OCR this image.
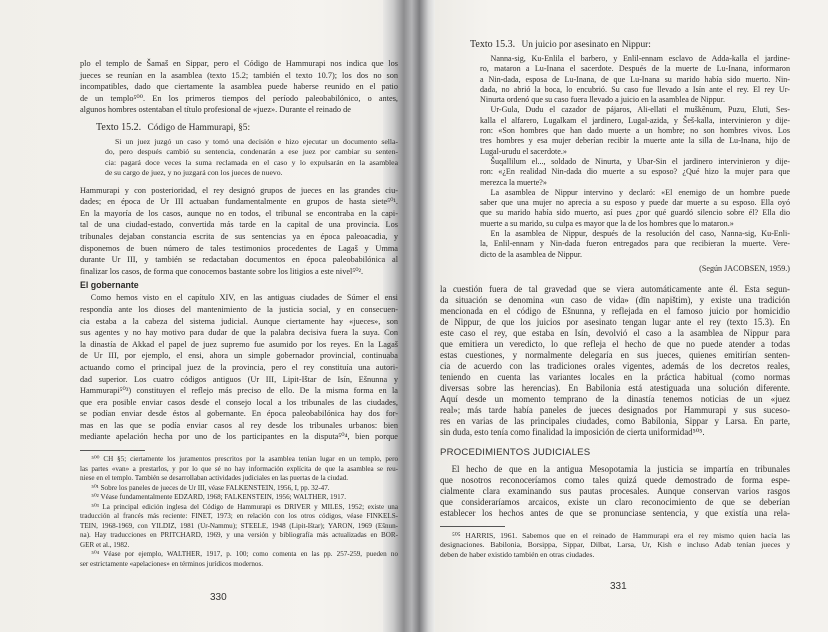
plo el templo de Šamaš en Sippar, pero el Código de Hammurapi nos indica que los
jueces se reunían en la asamblea (texto 15.2; también el texto 10.7); los dos no son
incompatibles, dado que ciertamente la asamblea puede haberse reunido en el patio
de un templo⁵⁰⁰. En los primeros tiempos del período paleobabilónico, o antes,
algunos hombres ostentaban el título profesional de «juez». Durante el reinado de
Texto 15.2. Código de Hammurapi, §5:
Si un juez juzgó un caso y tomó una decisión e hizo ejecutar un documento sella-
do, pero después cambió su sentencia, condenarán a ese juez por cambiar su senten-
cia: pagará doce veces la suma reclamada en el caso y lo expulsarán en la asamblea
de su cargo de juez, y no juzgará con los jueces de nuevo.
Hammurapi y con posterioridad, el rey designó grupos de jueces en las grandes ciu-
dades; en época de Ur III actuaban fundamentalmente en grupos de hasta siete⁵⁰¹.
En la mayoría de los casos, aunque no en todos, el tribunal se encontraba en la capi-
tal de una ciudad-estado, convertida más tarde en la capital de una provincia. Los
tribunales dejaban constancia escrita de sus sentencias ya en época paleoacadia, y
disponemos de buen número de tales testimonios procedentes de Lagaš y Umma
durante Ur III, y también se redactaban documentos en época paleobabilónica al
finalizar los casos, de forma que conocemos bastante sobre los litigios a este nivel⁵⁰².
El gobernante
Como hemos visto en el capítulo XIV, en las antiguas ciudades de Súmer el ensi
respondía ante los dioses del mantenimiento de la justicia social, y en consecuen-
cia estaba a la cabeza del sistema judicial. Aunque ciertamente hay «jueces», son
sus agentes y no hay motivo para dudar de que la palabra decisiva fuera la suya. Con
la dinastía de Akkad el papel de juez supremo fue asumido por los reyes. En la Lagaš
de Ur III, por ejemplo, el ensi, ahora un simple gobernador provincial, continuaba
actuando como el principal juez de la provincia, pero el rey constituía una autori-
dad superior. Los cuatro códigos antiguos (Ur III, Lipit-Ištar de Isín, Ešnunna y
Hammurapi⁵⁰³) constituyen el reflejo más preciso de ello. De la misma forma en la
que era posible enviar casos desde el consejo local a los tribunales de las ciudades,
se podían enviar desde éstos al gobernante. En época paleobabilónica hay dos for-
mas en las que se podía enviar casos al rey desde los tribunales urbanos: bien
mediante apelación hecha por uno de los participantes en la disputa⁵⁰⁴, bien porque
⁵⁰⁰ CH §5; ciertamente los juramentos prescritos por la asamblea tenían lugar en un templo, pero
las partes «van» a prestarlos, y por lo que sé no hay información explícita de que la asamblea se reu-
niese en el templo. También se desarrollaban actividades judiciales en las puertas de la ciudad.
⁵⁰¹ Sobre los paneles de jueces de Ur III, véase FALKENSTEIN, 1956, I, pp. 32-47.
⁵⁰² Véase fundamentalmente EDZARD, 1968; FALKENSTEIN, 1956; WALTHER, 1917.
⁵⁰³ La principal edición inglesa del Código de Hammurapi es DRIVER y MILES, 1952; existe una
traducción al francés más reciente: FINET, 1973; en relación con los otros códigos, véase FINKELS-
TEIN, 1968-1969, con YILDIZ, 1981 (Ur-Nammu); STEELE, 1948 (Lipit-Ištar); YARON, 1969 (Ešnun-
na). Hay traducciones en PRITCHARD, 1969, y una versión y bibliografía más actualizadas en BOR-
GER et al., 1982.
⁵⁰⁴ Véase por ejemplo, WALTHER, 1917, p. 100; como comenta en las pp. 257-259, pueden no
ser estrictamente «apelaciones» en términos jurídicos modernos.
330
Texto 15.3. Un juicio por asesinato en Nippur:
Nanna-sig, Ku-Enlila el barbero, y Enlil-ennam esclavo de Adda-kalla el jardine-
ro, mataron a Lu-Inana el sacerdote. Después de la muerte de Lu-Inana, informaron
a Nin-dada, esposa de Lu-Inana, de que Lu-Inana su marido había sido muerto. Nin-
dada, no abrió la boca, lo encubrió. Su caso fue llevado a Isín ante el rey. El rey Ur-
Ninurta ordenó que su caso fuera llevado a juicio en la asamblea de Nippur.
Ur-Gula, Dudu el cazador de pájaros, Ali-ellati el muškēnum, Puzu, Eluti, Ses-
kalla el alfarero, Lugalkam el jardinero, Lugal-azida, y Šeš-kalla, intervinieron y dije-
ron: «Son hombres que han dado muerte a un hombre; no son hombres vivos. Los
tres hombres y esa mujer deberían recibir la muerte ante la silla de Lu-Inana, hijo de
Lugal-urudu el sacerdote.»
Šuqallilum el..., soldado de Ninurta, y Ubar-Sin el jardinero intervinieron y dije-
ron: «¿En realidad Nin-dada dio muerte a su esposo? ¿Qué hizo la mujer para que
merezca la muerte?»
La asamblea de Nippur intervino y declaró: «El enemigo de un hombre puede
saber que una mujer no aprecia a su esposo y puede dar muerte a su esposo. Ella oyó
que su marido había sido muerto, así pues ¿por qué guardó silencio sobre él? Ella dio
muerte a su marido, su culpa es mayor que la de los hombres que lo mataron.»
En la asamblea de Nippur, después de la resolución del caso, Nanna-sig, Ku-Enli-
la, Enlil-ennam y Nin-dada fueron entregados para que recibieran la muerte. Vere-
dicto de la asamblea de Nippur.
(Según JACOBSEN, 1959.)
la cuestión fuera de tal gravedad que se viera automáticamente ante él. Esta segun-
da situación se denomina «un caso de vida» (dīn napištim), y existe una tradición
mencionada en el código de Ešnunna, y reflejada en el famoso juicio por homicidio
de Nippur, de que los juicios por asesinato tengan lugar ante el rey (texto 15.3). En
este caso el rey, que estaba en Isín, devolvió el caso a la asamblea de Nippur para
que emitiera un veredicto, lo que refleja el hecho de que no puede atender a todas
estas cuestiones, y normalmente delegaría en sus jueces, quienes emitirían senten-
cia de acuerdo con las tradiciones orales vigentes, además de los decretos reales,
teniendo en cuenta las variantes locales en la práctica habitual (como normas
diversas sobre las herencias). En Babilonia está atestiguada una solución diferente.
Aquí desde un momento temprano de la dinastía tenemos noticias de un «juez
real»; más tarde había paneles de jueces designados por Hammurapi y sus suceso-
res en varias de las principales ciudades, como Babilonia, Sippar y Larsa. En parte,
sin duda, esto tenía como finalidad la imposición de cierta uniformidad⁵⁰⁵.
PROCEDIMIENTOS JUDICIALES
El hecho de que en la antigua Mesopotamia la justicia se impartía en tribunales
que nosotros reconoceríamos como tales quizá quede demostrado de forma espe-
cialmente clara examinando sus pautas procesales. Aunque conservan varios rasgos
que consideraríamos arcaicos, existe un claro reconocimiento de que se deberían
establecer los hechos antes de que se pronunciase sentencia, y que existía una rela-
⁵⁰⁵ HARRIS, 1961. Sabemos que en el reinado de Hammurapi era el rey mismo quien hacía las
designaciones. Babilonia, Borsippa, Sippar, Dilbat, Larsa, Ur, Kish e incluso Adab tenían jueces y
deben de haber existido también en otras ciudades.
331
